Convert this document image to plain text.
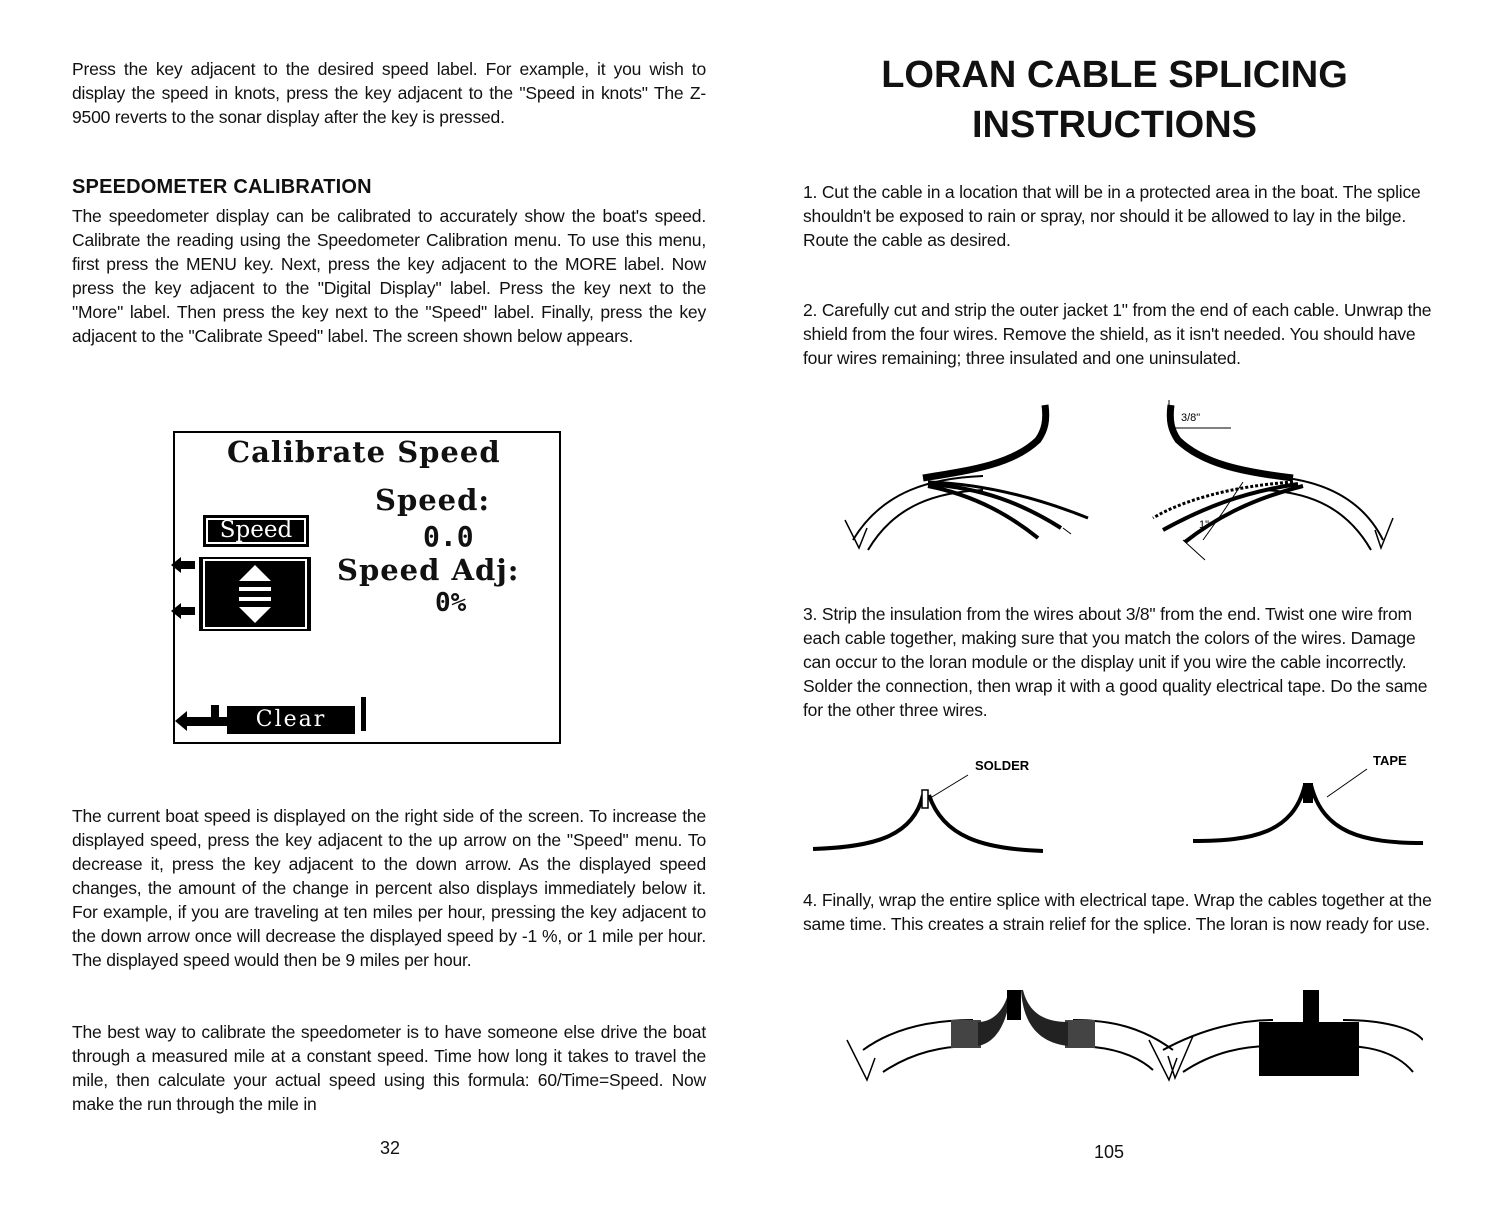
Press the key adjacent to the desired speed label. For example, it you wish to display the speed in knots, press the key adjacent to the "Speed in knots" The Z-9500 reverts to the sonar display after the key is pressed.

SPEEDOMETER CALIBRATION

The speedometer display can be calibrated to accurately show the boat's speed. Calibrate the reading using the Speedometer Calibration menu. To use this menu, first press the MENU key. Next, press the key adjacent to the MORE label. Now press the key adjacent to the "Digital Display" label. Press the key next to the "More" label. Then press the key next to the "Speed" label. Finally, press the key adjacent to the "Calibrate Speed" label. The screen shown below appears.

Calibrate Speed
Speed:
0.0
Speed Adj:
0%
Speed
Clear

The current boat speed is displayed on the right side of the screen. To increase the displayed speed, press the key adjacent to the up arrow on the "Speed" menu. To decrease it, press the key adjacent to the down arrow. As the displayed speed changes, the amount of the change in percent also displays immediately below it. For example, if you are traveling at ten miles per hour, pressing the key adjacent to the down arrow once will decrease the displayed speed by -1 %, or 1 mile per hour. The displayed speed would then be 9 miles per hour.

The best way to calibrate the speedometer is to have someone else drive the boat through a measured mile at a constant speed. Time how long it takes to travel the mile, then calculate your actual speed using this formula: 60/Time=Speed. Now make the run through the mile in

32
LORAN CABLE SPLICING
INSTRUCTIONS

1. Cut the cable in a location that will be in a protected area in the boat. The splice shouldn't be exposed to rain or spray, nor should it be allowed to lay in the bilge. Route the cable as desired.

2. Carefully cut and strip the outer jacket 1" from the end of each cable. Unwrap the shield from the four wires. Remove the shield, as it isn't needed. You should have four wires remaining; three insulated and one uninsulated.

3/8"
1"

3. Strip the insulation from the wires about 3/8" from the end. Twist one wire from each cable together, making sure that you match the colors of the wires. Damage can occur to the loran module or the display unit if you wire the cable incorrectly. Solder the connection, then wrap it with a good quality electrical tape. Do the same for the other three wires.

SOLDER	TAPE

4. Finally, wrap the entire splice with electrical tape. Wrap the cables together at the same time. This creates a strain relief for the splice. The loran is now ready for use.

105
